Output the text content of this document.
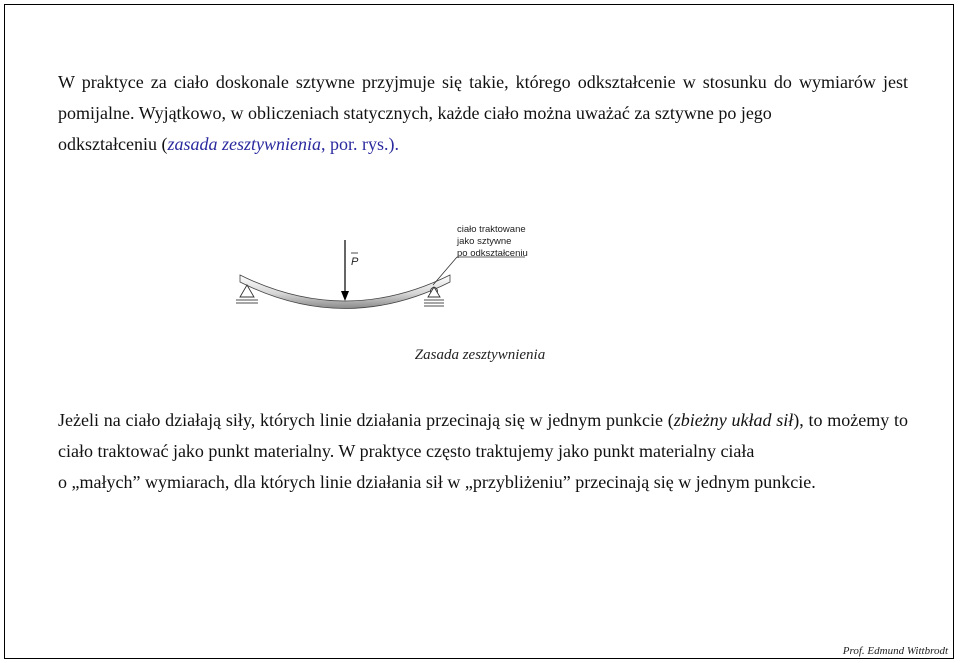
W praktyce za ciało doskonale sztywne przyjmuje się takie, którego odkształcenie w stosunku do wymiarów jest pomijalne. Wyjątkowo, w obliczeniach statycznych, każde ciało można uważać za sztywne po jego
odkształceniu (zasada zesztywnienia, por. rys.).

P
ciało traktowane
jako sztywne
po odkształceniu
Zasada zesztywnienia

Jeżeli na ciało działają siły, których linie działania przecinają się w jednym punkcie (zbieżny układ sił), to możemy to ciało traktować jako punkt materialny. W praktyce często traktujemy jako punkt materialny ciała
o „małych” wymiarach, dla których linie działania sił w „przybliżeniu” przecinają się w jednym punkcie.

Prof. Edmund Wittbrodt
